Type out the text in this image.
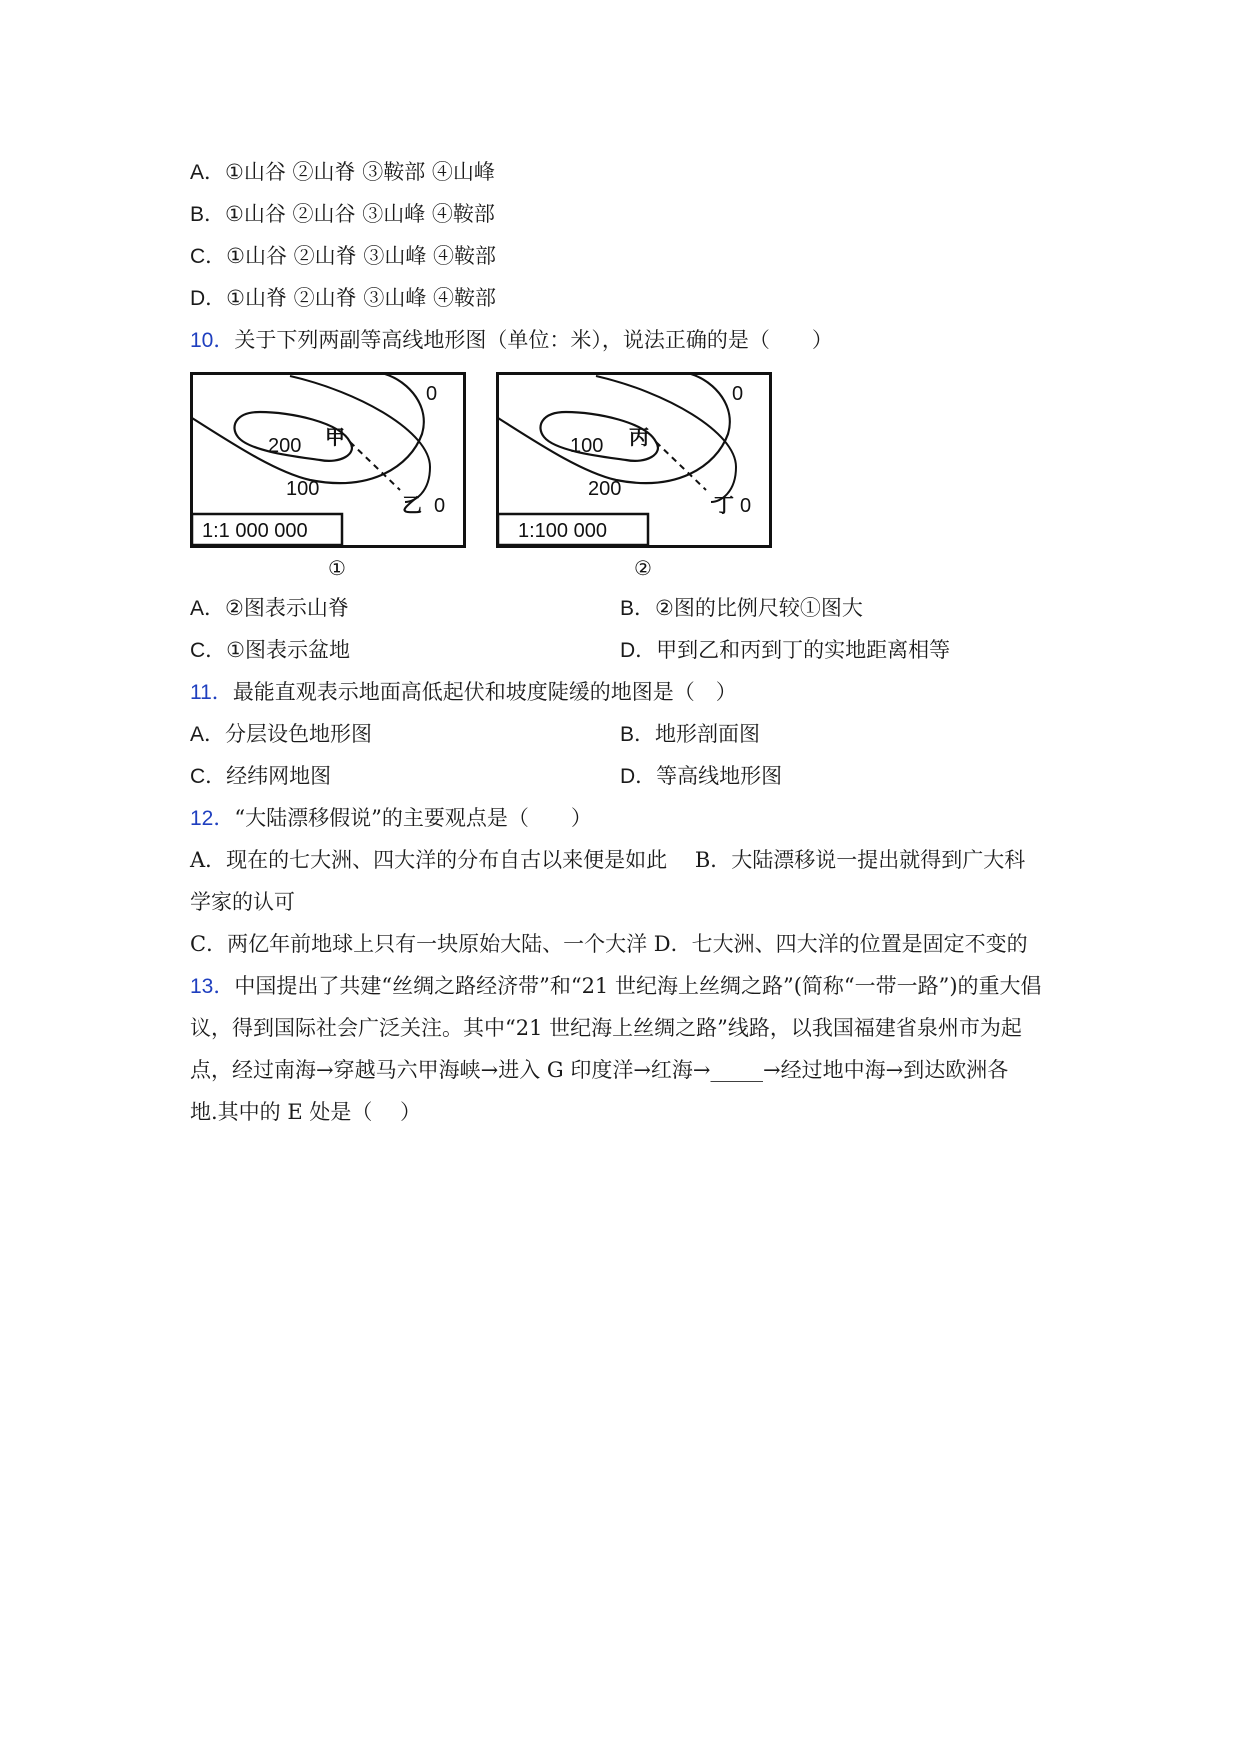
A．①山谷 ②山脊 ③鞍部 ④山峰
B．①山谷 ②山谷 ③山峰 ④鞍部
C．①山谷 ②山脊 ③山峰 ④鞍部
D．①山脊 ②山脊 ③山峰 ④鞍部
10．关于下列两副等高线地形图（单位：米），说法正确的是（　　）
200
100
0
0
甲
乙
1:1 000 000
①
100
200
0
0
丙
丁
1:100 000
②
A．②图表示山脊	B．②图的比例尺较①图大
C．①图表示盆地	D．甲到乙和丙到丁的实地距离相等
11．最能直观表示地面高低起伏和坡度陡缓的地图是（　）
A．分层设色地形图	B．地形剖面图
C．经纬网地图	D．等高线地形图
12．“大陆漂移假说”的主要观点是（　　）
A．现在的七大洲、四大洋的分布自古以来便是如此　 B．大陆漂移说一提出就得到广大科
学家的认可
C．两亿年前地球上只有一块原始大陆、一个大洋 D．七大洲、四大洋的位置是固定不变的
13．中国提出了共建“丝绸之路经济带”和“21 世纪海上丝绸之路”(简称“一带一路”)的重大倡
议，得到国际社会广泛关注。其中“21 世纪海上丝绸之路”线路，以我国福建省泉州市为起
点，经过南海→穿越马六甲海峡→进入 G 印度洋→红海→_____→经过地中海→到达欧洲各
地.其中的 E 处是（　 ）
